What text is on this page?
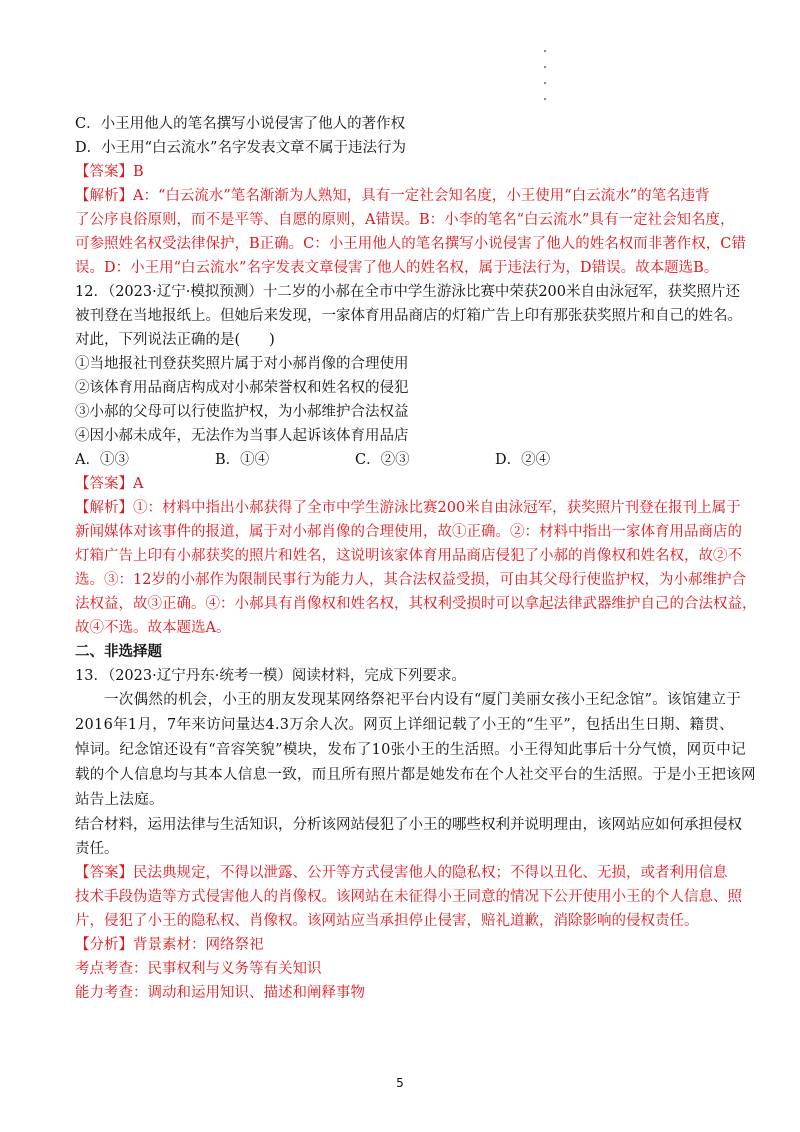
C．小王用他人的笔名撰写小说侵害了他人的著作权

D．小王用“白云流水”名字发表文章不属于违法行为

【答案】B

【解析】A：“白云流水”笔名渐渐为人熟知，具有一定社会知名度，小王使用“白云流水”的笔名违背

了公序良俗原则，而不是平等、自愿的原则，A错误。B：小李的笔名“白云流水”具有一定社会知名度，

可参照姓名权受法律保护，B正确。C：小王用他人的笔名撰写小说侵害了他人的姓名权而非著作权，C错

误。D：小王用“白云流水”名字发表文章侵害了他人的姓名权，属于违法行为，D错误。故本题选B。

12．（2023·辽宁·模拟预测）十二岁的小郝在全市中学生游泳比赛中荣获200米自由泳冠军，获奖照片还

被刊登在当地报纸上。但她后来发现，一家体育用品商店的灯箱广告上印有那张获奖照片和自己的姓名。

对此，下列说法正确的是(　　)

①当地报社刊登获奖照片属于对小郝肖像的合理使用

②该体育用品商店构成对小郝荣誉权和姓名权的侵犯

③小郝的父母可以行使监护权，为小郝维护合法权益

④因小郝未成年，无法作为当事人起诉该体育用品店

A．①③	B．①④	C．②③	D．②④

【答案】A

【解析】①：材料中指出小郝获得了全市中学生游泳比赛200米自由泳冠军，获奖照片刊登在报刊上属于

新闻媒体对该事件的报道，属于对小郝肖像的合理使用，故①正确。②：材料中指出一家体育用品商店的

灯箱广告上印有小郝获奖的照片和姓名，这说明该家体育用品商店侵犯了小郝的肖像权和姓名权，故②不

选。③：12岁的小郝作为限制民事行为能力人，其合法权益受损，可由其父母行使监护权，为小郝维护合

法权益，故③正确。④：小郝具有肖像权和姓名权，其权利受损时可以拿起法律武器维护自己的合法权益，

故④不选。故本题选A。

二、非选择题

13．（2023·辽宁丹东·统考一模）阅读材料，完成下列要求。

一次偶然的机会，小王的朋友发现某网络祭祀平台内设有“厦门美丽女孩小王纪念馆”。该馆建立于

2016年1月，7年来访问量达4.3万余人次。网页上详细记载了小王的“生平”，包括出生日期、籍贯、

悼词。纪念馆还设有“音容笑貌”模块，发布了10张小王的生活照。小王得知此事后十分气愤，网页中记

载的个人信息均与其本人信息一致，而且所有照片都是她发布在个人社交平台的生活照。于是小王把该网

站告上法庭。

结合材料，运用法律与生活知识，分析该网站侵犯了小王的哪些权利并说明理由，该网站应如何承担侵权

责任。

【答案】民法典规定，不得以泄露、公开等方式侵害他人的隐私权；不得以丑化、无损，或者利用信息

技术手段伪造等方式侵害他人的肖像权。该网站在未征得小王同意的情况下公开使用小王的个人信息、照

片，侵犯了小王的隐私权、肖像权。该网站应当承担停止侵害，赔礼道歉，消除影响的侵权责任。

【分析】背景素材：网络祭祀

考点考查：民事权利与义务等有关知识

能力考查：调动和运用知识、描述和阐释事物

5
